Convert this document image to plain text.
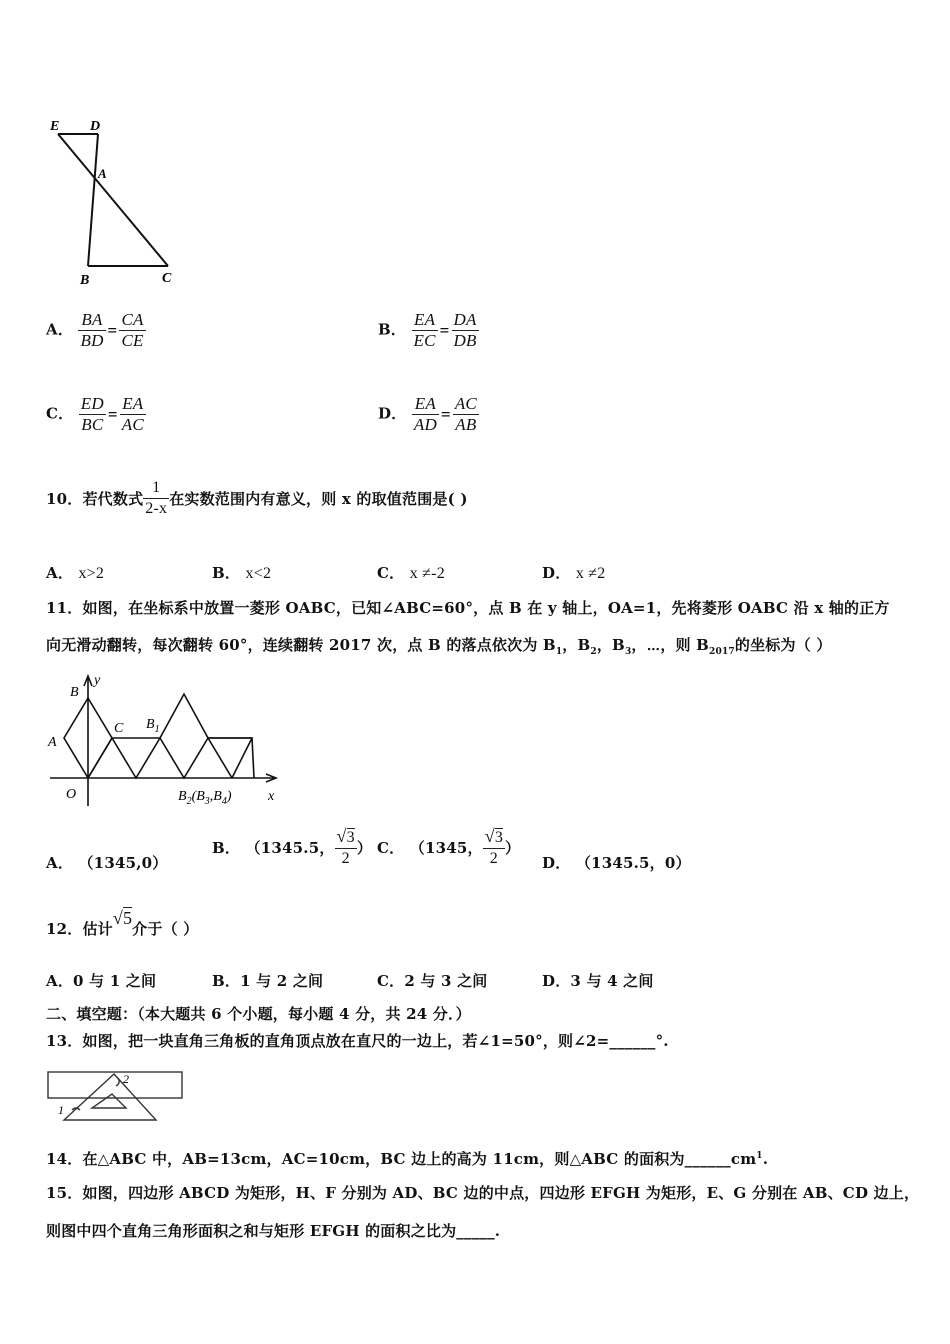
E D
A
B	C
A． $\frac{BA}{BD} = \frac{CA}{CE}$	B． $\frac{EA}{EC} = \frac{DA}{DB}$
C． $\frac{ED}{BC} = \frac{EA}{AC}$	D． $\frac{EA}{AD} = \frac{AC}{AB}$
10．若代数式 $\frac{1}{2-x}$ 在实数范围内有意义，则 x 的取值范围是( )
A． x>2	B． x<2	C． x ≠-2	D． x ≠2
11．如图，在坐标系中放置一菱形 OABC，已知∠ABC=60°，点 B 在 y 轴上，OA=1，先将菱形 OABC 沿 x 轴的正方
向无滑动翻转，每次翻转 60°，连续翻转 2017 次，点 B 的落点依次为 $B_1$，$B_2$，$B_3$，⋯，则 $B_{2017}$的坐标为（ ）
B
y
C $B_1$
A
O	$B_2(B_3,B_4)$	x
A． （1345,0）
B． （1345.5， $\frac{√3}{2}$ ） C． （1345， $\frac{√3}{2}$ ）
D． （1345.5，0）
12．估计√5介于（ ）
A．0 与 1 之间	B．1 与 2 之间	C．2 与 3 之间	D．3 与 4 之间
二、填空题：（本大题共 6 个小题，每小题 4 分，共 24 分．）
13．如图，把一块直角三角板的直角顶点放在直尺的一边上，若∠1=50°，则∠2=______°.
1
2
14．在△ABC 中，AB=13cm，AC=10cm，BC 边上的高为 11cm，则△ABC 的面积为$\_\_\_\_\_\_cm^1$.
15．如图，四边形 ABCD 为矩形，H、F 分别为 AD、BC 边的中点，四边形 EFGH 为矩形，E、G 分别在 AB、CD 边上，
则图中四个直角三角形面积之和与矩形 EFGH 的面积之比为_____.
